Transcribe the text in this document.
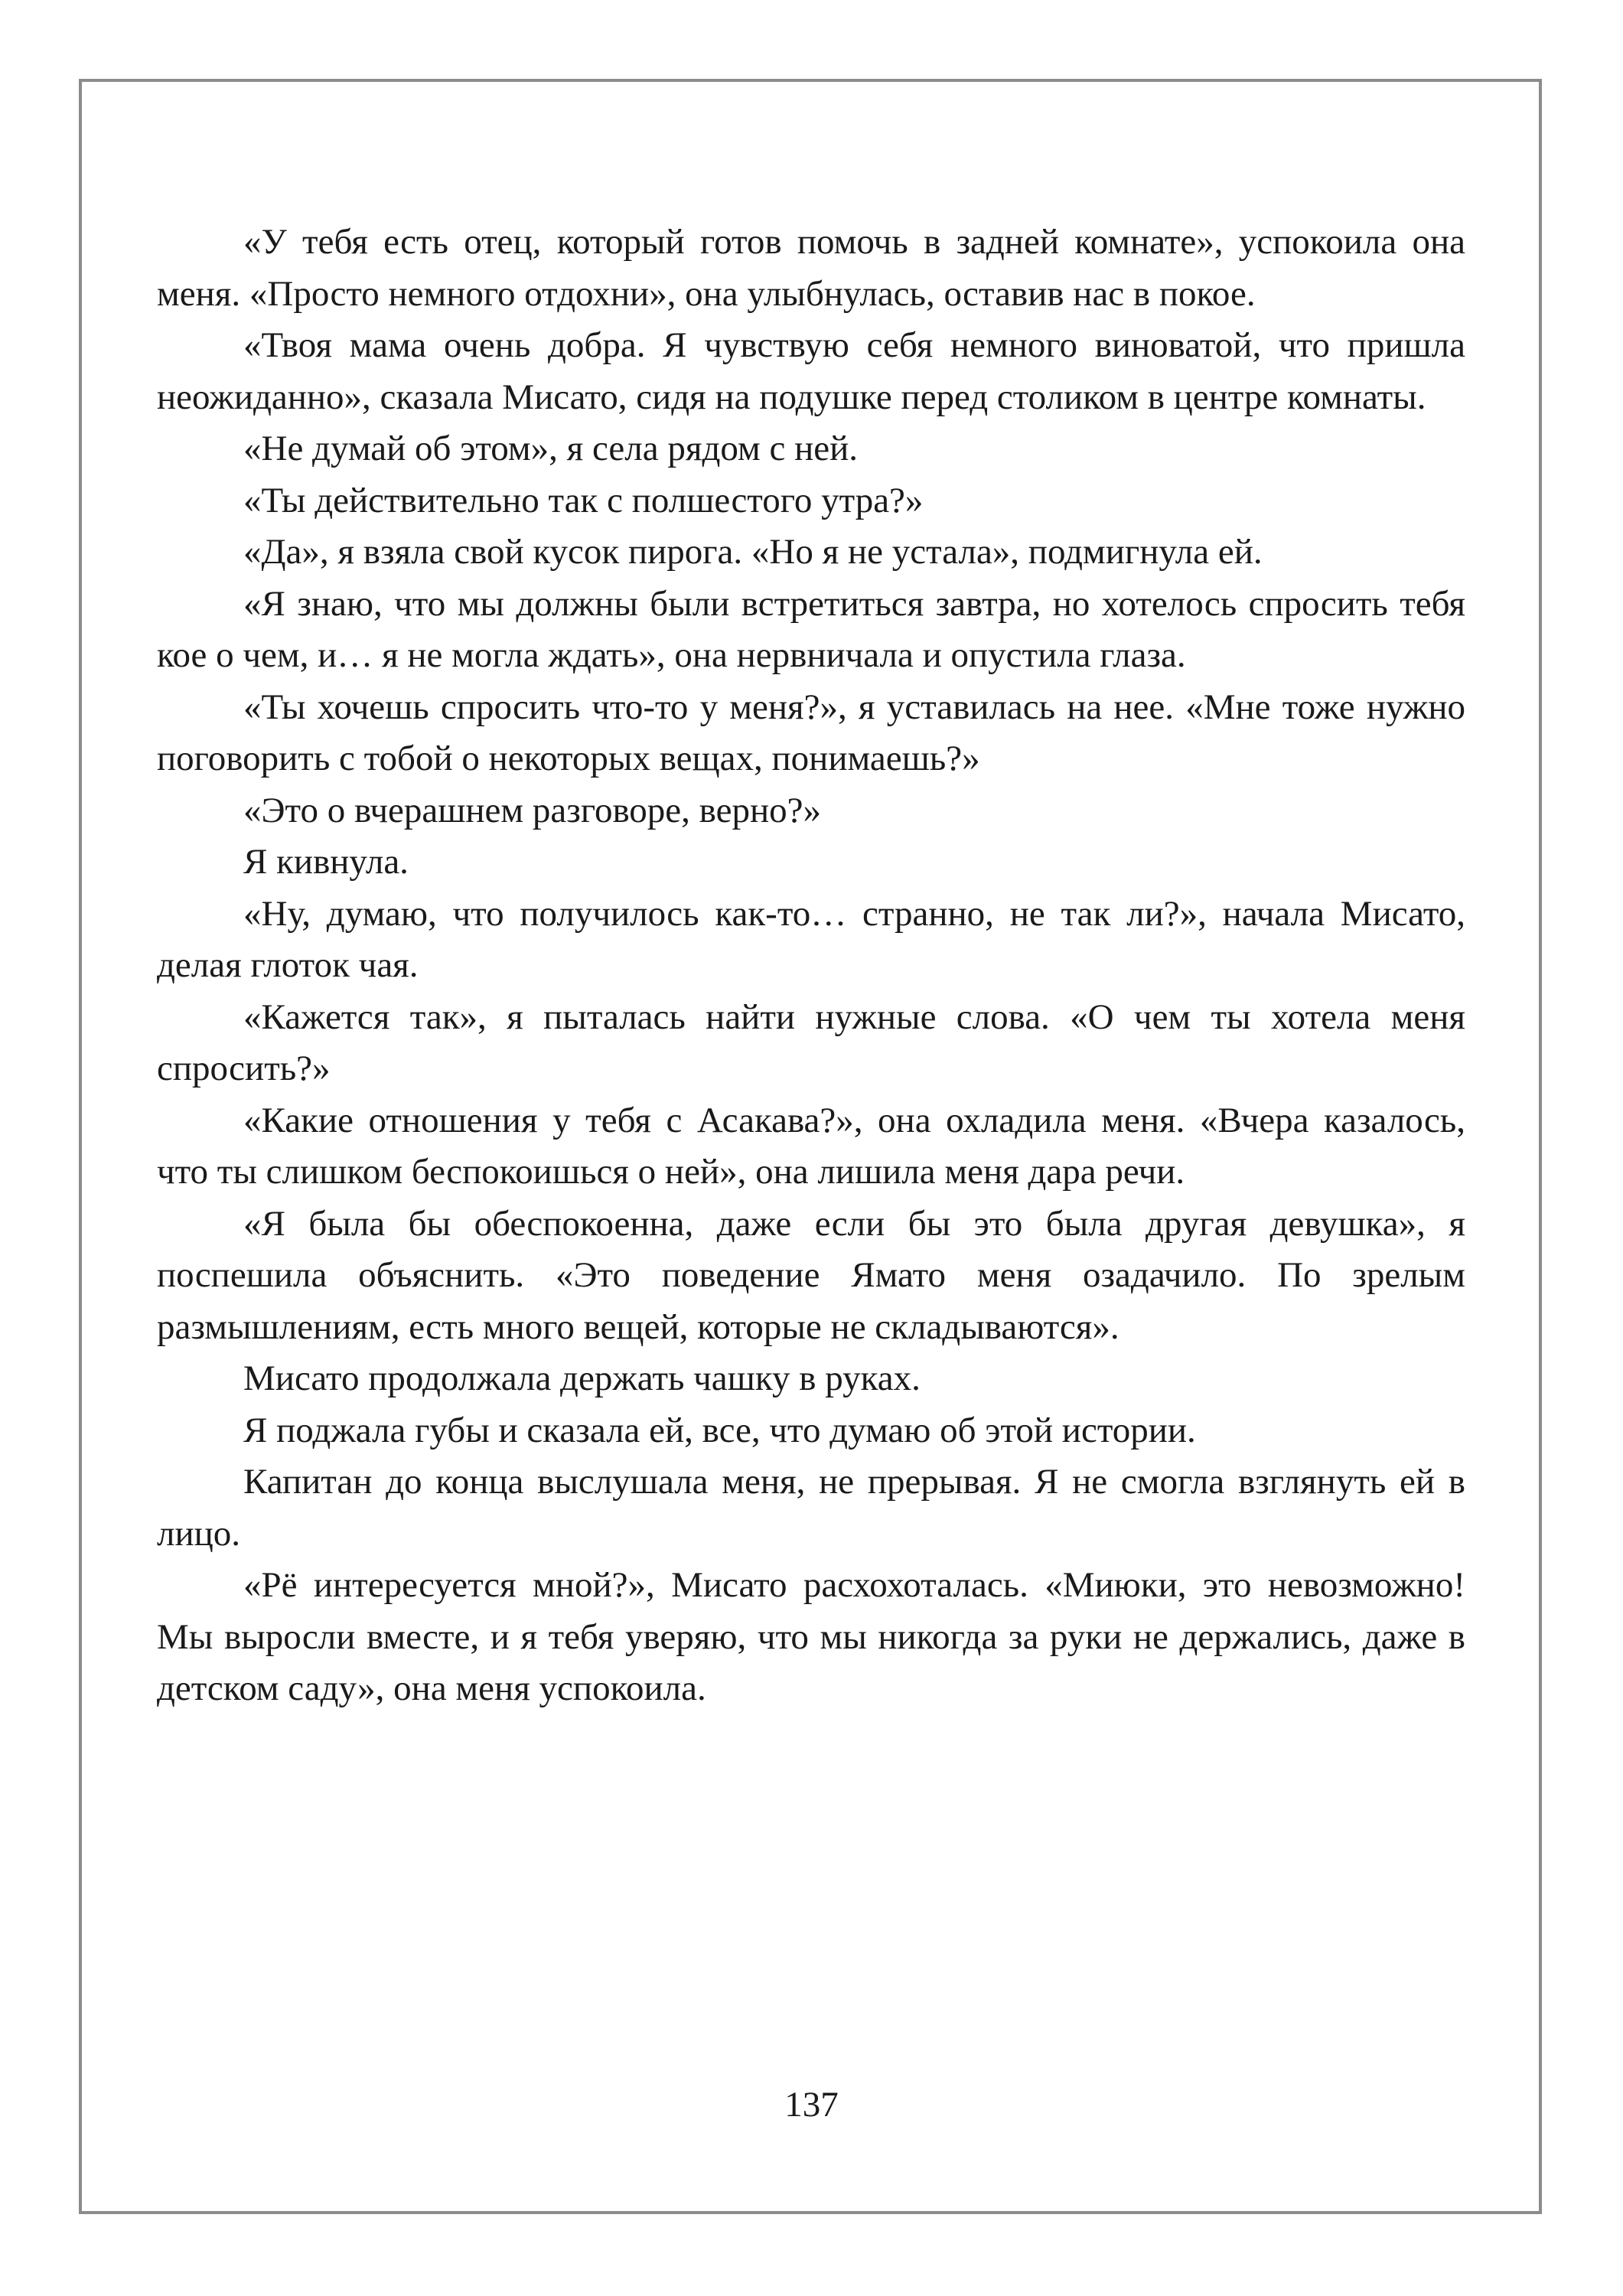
«У тебя есть отец, который готов помочь в задней комнате», успокоила она меня. «Просто немного отдохни», она улыбнулась, оставив нас в покое.

«Твоя мама очень добра. Я чувствую себя немного виноватой, что пришла неожиданно», сказала Мисато, сидя на подушке перед столиком в центре комнаты.

«Не думай об этом», я села рядом с ней.

«Ты действительно так с полшестого утра?»

«Да», я взяла свой кусок пирога. «Но я не устала», подмигнула ей.

«Я знаю, что мы должны были встретиться завтра, но хотелось спросить тебя кое о чем, и… я не могла ждать», она нервничала и опустила глаза.

«Ты хочешь спросить что-то у меня?», я уставилась на нее. «Мне тоже нужно поговорить с тобой о некоторых вещах, понимаешь?»

«Это о вчерашнем разговоре, верно?»

Я кивнула.

«Ну, думаю, что получилось как-то… странно, не так ли?», начала Мисато, делая глоток чая.

«Кажется так», я пыталась найти нужные слова. «О чем ты хотела меня спросить?»

«Какие отношения у тебя с Асакава?», она охладила меня. «Вчера казалось, что ты слишком беспокоишься о ней», она лишила меня дара речи.

«Я была бы обеспокоенна, даже если бы это была другая девушка», я поспешила объяснить. «Это поведение Ямато меня озадачило. По зрелым размышлениям, есть много вещей, которые не складываются».

Мисато продолжала держать чашку в руках.

Я поджала губы и сказала ей, все, что думаю об этой истории.

Капитан до конца выслушала меня, не прерывая. Я не смогла взглянуть ей в лицо.

«Рё интересуется мной?», Мисато расхохоталась. «Миюки, это невозможно! Мы выросли вместе, и я тебя уверяю, что мы никогда за руки не держались, даже в детском саду», она меня успокоила.

137
